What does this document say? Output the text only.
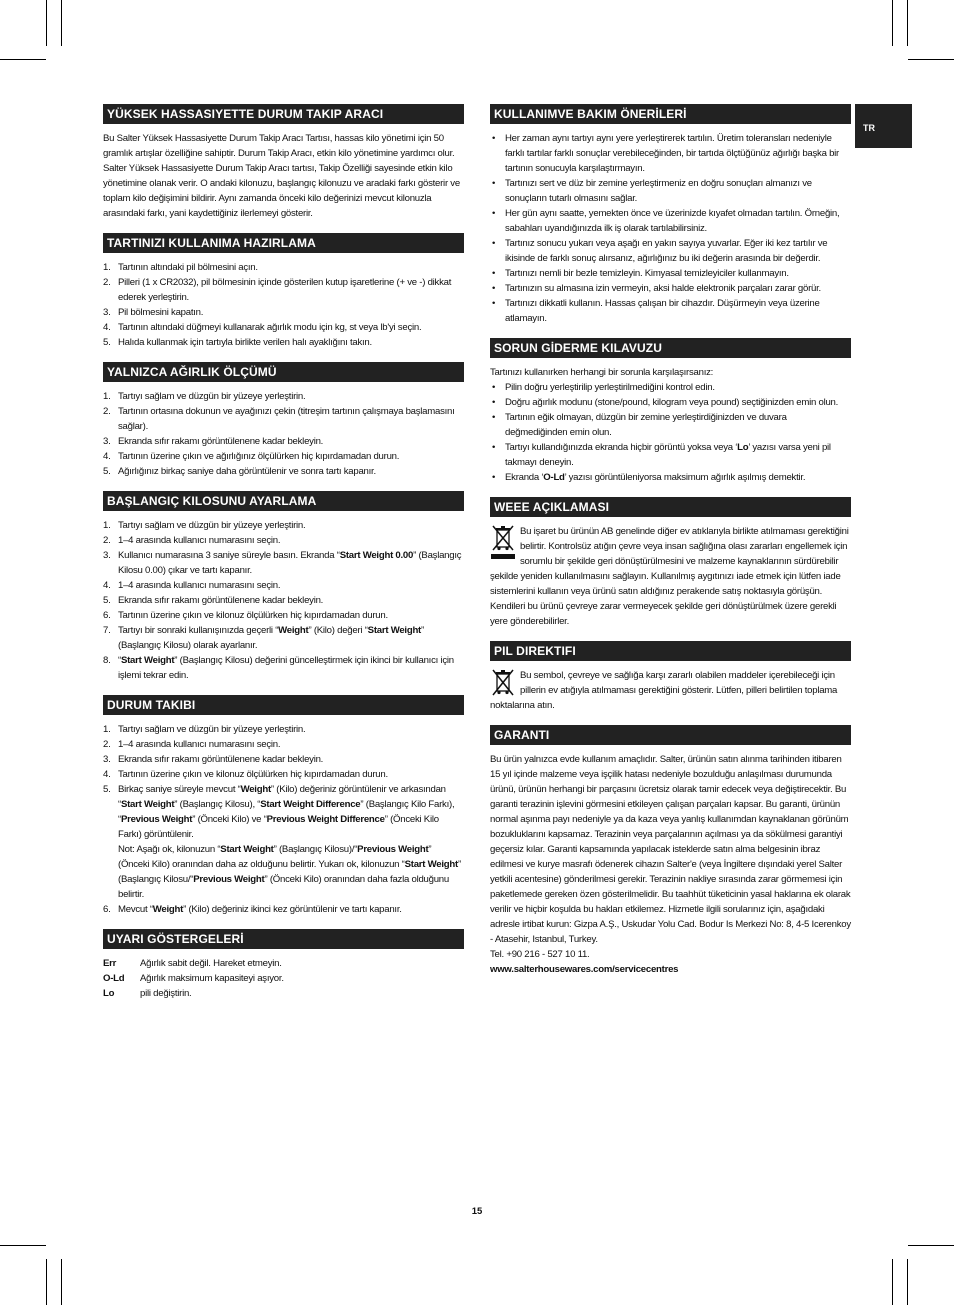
TR
YÜKSEK HASSASIYETTE DURUM TAKIP ARACI

Bu Salter Yüksek Hassasiyette Durum Takip Aracı Tartısı, hassas kilo yönetimi için 50 gramlık artışlar özelliğine sahiptir. Durum Takip Aracı, etkin kilo yönetimine yardımcı olur. Salter Yüksek Hassasiyette Durum Takip Aracı tartısı, Takip Özelliği sayesinde etkin kilo yönetimine olanak verir. O andaki kilonuzu, başlangıç kilonuzu ve aradaki farkı gösterir ve toplam kilo değişimini bildirir. Aynı zamanda önceki kilo değerinizi mevcut kilonuzla arasındaki farkı, yani kaydettiğiniz ilerlemeyi gösterir.

TARTINIZI KULLANIMA HAZIRLAMA
1. Tartının altındaki pil bölmesini açın.
2. Pilleri (1 x CR2032), pil bölmesinin içinde gösterilen kutup işaretlerine (+ ve -) dikkat ederek yerleştirin.
3. Pil bölmesini kapatın.
4. Tartının altındaki düğmeyi kullanarak ağırlık modu için kg, st veya lb'yi seçin.
5. Halıda kullanmak için tartıyla birlikte verilen halı ayaklığını takın.
YALNIZCA AĞIRLIK ÖLÇÜMÜ
1. Tartıyı sağlam ve düzgün bir yüzeye yerleştirin.
2. Tartının ortasına dokunun ve ayağınızı çekin (titreşim tartının çalışmaya başlamasını sağlar).
3. Ekranda sıfır rakamı görüntülenene kadar bekleyin.
4. Tartının üzerine çıkın ve ağırlığınız ölçülürken hiç kıpırdamadan durun.
5. Ağırlığınız birkaç saniye daha görüntülenir ve sonra tartı kapanır.
BAŞLANGIÇ KILOSUNU AYARLAMA
1. Tartıyı sağlam ve düzgün bir yüzeye yerleştirin.
2. 1–4 arasında kullanıcı numarasını seçin.
3. Kullanıcı numarasına 3 saniye süreyle basın. Ekranda “Start Weight 0.00” (Başlangıç Kilosu 0.00) çıkar ve tartı kapanır.
4. 1–4 arasında kullanıcı numarasını seçin.
5. Ekranda sıfır rakamı görüntülenene kadar bekleyin.
6. Tartının üzerine çıkın ve kilonuz ölçülürken hiç kıpırdamadan durun.
7. Tartıyı bir sonraki kullanışınızda geçerli “Weight” (Kilo) değeri “Start Weight” (Başlangıç Kilosu) olarak ayarlanır.
8. “Start Weight” (Başlangıç Kilosu) değerini güncelleştirmek için ikinci bir kullanıcı için işlemi tekrar edin.
DURUM TAKIBI
1. Tartıyı sağlam ve düzgün bir yüzeye yerleştirin.
2. 1–4 arasında kullanıcı numarasını seçin.
3. Ekranda sıfır rakamı görüntülenene kadar bekleyin.
4. Tartının üzerine çıkın ve kilonuz ölçülürken hiç kıpırdamadan durun.
5. Birkaç saniye süreyle mevcut “Weight” (Kilo) değeriniz görüntülenir ve arkasından “Start Weight” (Başlangıç Kilosu), “Start Weight Difference” (Başlangıç Kilo Farkı), “Previous Weight” (Önceki Kilo) ve “Previous Weight Difference” (Önceki Kilo Farkı) görüntülenir.
Not: Aşağı ok, kilonuzun “Start Weight” (Başlangıç Kilosu)/“Previous Weight” (Önceki Kilo) oranından daha az olduğunu belirtir. Yukarı ok, kilonuzun “Start Weight” (Başlangıç Kilosu/“Previous Weight” (Önceki Kilo) oranından daha fazla olduğunu belirtir.
6. Mevcut “Weight” (Kilo) değeriniz ikinci kez görüntülenir ve tartı kapanır.
UYARI GÖSTERGELERİ
Err	Ağırlık sabit değil. Hareket etmeyin.
O-Ld	Ağırlık maksimum kapasiteyi aşıyor.
Lo	pili değiştirin.
KULLANIMVE BAKIM ÖNERİLERİ
• Her zaman aynı tartıyı aynı yere yerleştirerek tartılın. Üretim toleransları nedeniyle farklı tartılar farklı sonuçlar verebileceğinden, bir tartıda ölçtüğünüz ağırlığı başka bir tartının sonucuyla karşılaştırmayın.
• Tartınızı sert ve düz bir zemine yerleştirmeniz en doğru sonuçları almanızı ve sonuçların tutarlı olmasını sağlar.
• Her gün aynı saatte, yemekten önce ve üzerinizde kıyafet olmadan tartılın. Örneğin, sabahları uyandığınızda ilk iş olarak tartılabilirsiniz.
• Tartınız sonucu yukarı veya aşağı en yakın sayıya yuvarlar. Eğer iki kez tartılır ve ikisinde de farklı sonuç alırsanız, ağırlığınız bu iki değerin arasında bir değerdir.
• Tartınızı nemli bir bezle temizleyin. Kimyasal temizleyiciler kullanmayın.
• Tartınızın su almasına izin vermeyin, aksi halde elektronik parçaları zarar görür.
• Tartınızı dikkatli kullanın. Hassas çalışan bir cihazdır. Düşürmeyin veya üzerine atlamayın.
SORUN GİDERME KILAVUZU

Tartınızı kullanırken herhangi bir sorunla karşılaşırsanız:

• Pilin doğru yerleştirilip yerleştirilmediğini kontrol edin.
• Doğru ağırlık modunu (stone/pound, kilogram veya pound) seçtiğinizden emin olun.
• Tartının eğik olmayan, düzgün bir zemine yerleştirdiğinizden ve duvara değmediğinden emin olun.
• Tartıyı kullandığınızda ekranda hiçbir görüntü yoksa veya ‘Lo’ yazısı varsa yeni pil takmayı deneyin.
• Ekranda ‘O-Ld’ yazısı görüntüleniyorsa maksimum ağırlık aşılmış demektir.
WEEE AÇIKLAMASI

Bu işaret bu ürünün AB genelinde diğer ev atıklarıyla birlikte atılmaması gerektiğini belirtir. Kontrolsüz atığın çevre veya insan sağlığına olası zararları engellemek için sorumlu bir şekilde geri dönüştürülmesini ve malzeme kaynaklarının sürdürebilir şekilde yeniden kullanılmasını sağlayın. Kullanılmış aygıtınızı iade etmek için lütfen iade sistemlerini kullanın veya ürünü satın aldığınız perakende satış noktasıyla görüşün. Kendileri bu ürünü çevreye zarar vermeyecek şekilde geri dönüştürülmek üzere gerekli yere gönderebilirler.

PIL DIREKTIFI

Bu sembol, çevreye ve sağlığa karşı zararlı olabilen maddeler içerebileceği için pillerin ev atığıyla atılmaması gerektiğini gösterir. Lütfen, pilleri belirtilen toplama noktalarına atın.

GARANTI

Bu ürün yalnızca evde kullanım amaçlıdır. Salter, ürünün satın alınma tarihinden itibaren 15 yıl içinde malzeme veya işçilik hatası nedeniyle bozulduğu anlaşılması durumunda ürünü, ürünün herhangi bir parçasını ücretsiz olarak tamir edecek veya değiştirecektir. Bu garanti terazinin işlevini görmesini etkileyen çalışan parçaları kapsar. Bu garanti, ürünün normal aşınma payı nedeniyle ya da kaza veya yanlış kullanımdan kaynaklanan görünüm bozukluklarını kapsamaz. Terazinin veya parçalarının açılması ya da sökülmesi garantiyi geçersiz kılar. Garanti kapsamında yapılacak isteklerde satın alma belgesinin ibraz edilmesi ve kurye masrafı ödenerek cihazın Salter'e (veya İngiltere dışındaki yerel Salter yetkili acentesine) gönderilmesi gerekir. Terazinin nakliye sırasında zarar görmemesi için paketlemede gereken özen gösterilmelidir. Bu taahhüt tüketicinin yasal haklarına ek olarak verilir ve hiçbir koşulda bu hakları etkilemez. Hizmetle ilgili sorularınız için, aşağıdaki adresle irtibat kurun: Gizpa A.Ş., Uskudar Yolu Cad. Bodur Is Merkezi No: 8, 4-5 Icerenkoy - Atasehir, Istanbul, Turkey.

Tel. +90 216 - 527 10 11.

www.salterhousewares.com/servicecentres

15
